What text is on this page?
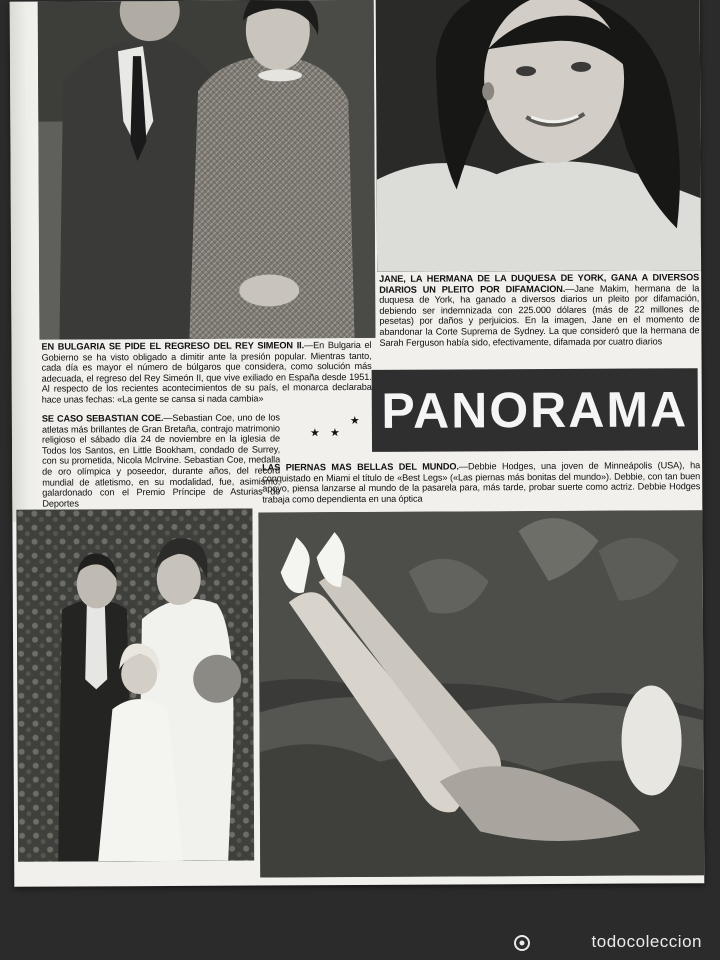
JANE, LA HERMANA DE LA DUQUESA DE YORK, GANA A DIVERSOS DIARIOS UN PLEITO POR DIFAMACION.—Jane Makim, hermana de la duquesa de York, ha ganado a diversos diarios un pleito por difamación, debiendo ser indemnizada con 225.000 dólares (más de 22 millones de pesetas) por daños y perjuicios. En la imagen, Jane en el momento de abandonar la Corte Suprema de Sydney. La que consideró que la hermana de Sarah Ferguson había sido, efectivamente, difamada por cuatro diarios
EN BULGARIA SE PIDE EL REGRESO DEL REY SIMEON II.—En Bulgaria el Gobierno se ha visto obligado a dimitir ante la presión popular. Mientras tanto, cada día es mayor el número de búlgaros que considera, como solución más adecuada, el regreso del Rey Simeón II, que vive exiliado en España desde 1951. Al respecto de los recientes acontecimientos de su país, el monarca declaraba hace unas fechas: «La gente se cansa si nada cambia»	PANORAMA
★ ★
★
SE CASO SEBASTIAN COE.—Sebastian Coe, uno de los atletas más brillantes de Gran Bretaña, contrajo matrimonio religioso el sábado día 24 de noviembre en la iglesia de Todos los Santos, en Little Bookham, condado de Surrey, con su prometida, Nicola McIrvine. Sebastian Coe, medalla de oro olímpica y poseedor, durante años, del record mundial de atletismo, en su modalidad, fue, asimismo, galardonado con el Premio Príncipe de Asturias de Deportes
LAS PIERNAS MAS BELLAS DEL MUNDO.—Debbie Hodges, una joven de Minneápolis (USA), ha conquistado en Miami el título de «Best Legs» («Las piernas más bonitas del mundo»). Debbie, con tan buen apoyo, piensa lanzarse al mundo de la pasarela para, más tarde, probar suerte como actriz. Debbie Hodges trabaja como dependienta en una óptica
todocoleccion
